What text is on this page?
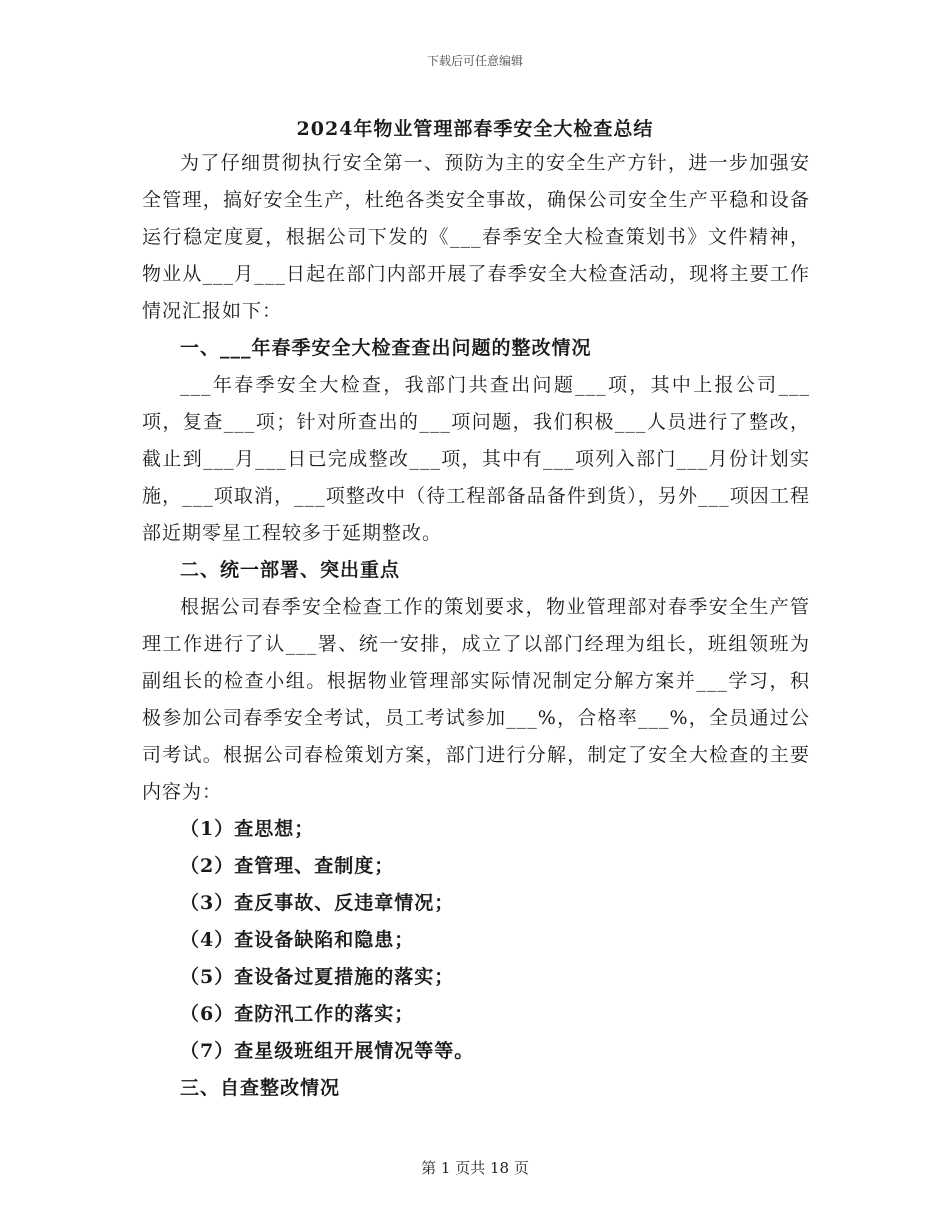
下载后可任意编辑
2024年物业管理部春季安全大检查总结

为了仔细贯彻执行安全第一、预防为主的安全生产方针，进一步加强安全管理，搞好安全生产，杜绝各类安全事故，确保公司安全生产平稳和设备运行稳定度夏，根据公司下发的《___春季安全大检查策划书》文件精神，物业从___月___日起在部门内部开展了春季安全大检查活动，现将主要工作情况汇报如下：

一、___年春季安全大检查查出问题的整改情况

___年春季安全大检查，我部门共查出问题___项，其中上报公司___项，复查___项；针对所查出的___项问题，我们积极___人员进行了整改，截止到___月___日已完成整改___项，其中有___项列入部门___月份计划实施，___项取消，___项整改中（待工程部备品备件到货），另外___项因工程部近期零星工程较多于延期整改。

二、统一部署、突出重点

根据公司春季安全检查工作的策划要求，物业管理部对春季安全生产管理工作进行了认___署、统一安排，成立了以部门经理为组长，班组领班为副组长的检查小组。根据物业管理部实际情况制定分解方案并___学习，积极参加公司春季安全考试，员工考试参加___%，合格率___%，全员通过公司考试。根据公司春检策划方案，部门进行分解，制定了安全大检查的主要内容为：

（1）查思想；

（2）查管理、查制度；

（3）查反事故、反违章情况；

（4）查设备缺陷和隐患；

（5）查设备过夏措施的落实；

（6）查防汛工作的落实；

（7）查星级班组开展情况等等。

三、自查整改情况

第 1 页共 18 页
